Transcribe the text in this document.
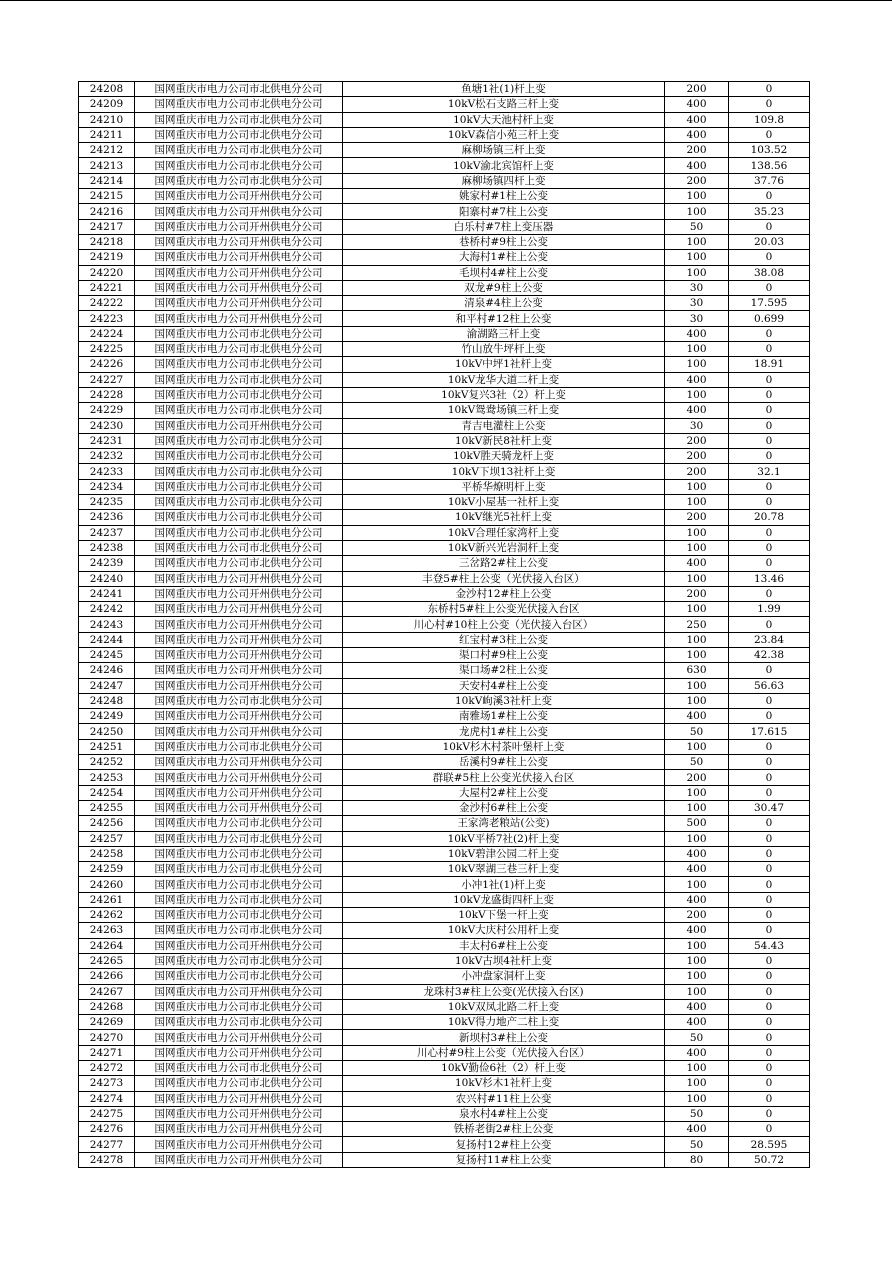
24208	国网重庆市电力公司市北供电分公司	鱼塘1社(1)杆上变	200	0
24209	国网重庆市电力公司市北供电分公司	10kV松石支路三杆上变	400	0
24210	国网重庆市电力公司市北供电分公司	10kV大天池村杆上变	400	109.8
24211	国网重庆市电力公司市北供电分公司	10kV森信小苑三杆上变	400	0
24212	国网重庆市电力公司市北供电分公司	麻柳场镇三杆上变	200	103.52
24213	国网重庆市电力公司市北供电分公司	10kV渝北宾馆杆上变	400	138.56
24214	国网重庆市电力公司市北供电分公司	麻柳场镇四杆上变	200	37.76
24215	国网重庆市电力公司开州供电分公司	姚家村#1柱上公变	100	0
24216	国网重庆市电力公司开州供电分公司	阳寨村#7柱上公变	100	35.23
24217	国网重庆市电力公司开州供电分公司	白乐村#7柱上变压器	50	0
24218	国网重庆市电力公司开州供电分公司	巷桥村#9柱上公变	100	20.03
24219	国网重庆市电力公司开州供电分公司	大海村1#柱上公变	100	0
24220	国网重庆市电力公司开州供电分公司	毛坝村4#柱上公变	100	38.08
24221	国网重庆市电力公司开州供电分公司	双龙#9柱上公变	30	0
24222	国网重庆市电力公司开州供电分公司	清泉#4柱上公变	30	17.595
24223	国网重庆市电力公司开州供电分公司	和平村#12柱上公变	30	0.699
24224	国网重庆市电力公司市北供电分公司	渝湖路三杆上变	400	0
24225	国网重庆市电力公司市北供电分公司	竹山放牛坪杆上变	100	0
24226	国网重庆市电力公司市北供电分公司	10kV中坪1社杆上变	100	18.91
24227	国网重庆市电力公司市北供电分公司	10kV龙华大道二杆上变	400	0
24228	国网重庆市电力公司市北供电分公司	10kV复兴3社（2）杆上变	100	0
24229	国网重庆市电力公司市北供电分公司	10kV鸳鸯场镇三杆上变	400	0
24230	国网重庆市电力公司开州供电分公司	青吉电灌柱上公变	30	0
24231	国网重庆市电力公司市北供电分公司	10kV新民8社杆上变	200	0
24232	国网重庆市电力公司市北供电分公司	10kV胜天骑龙杆上变	200	0
24233	国网重庆市电力公司市北供电分公司	10kV下坝13社杆上变	200	32.1
24234	国网重庆市电力公司市北供电分公司	平桥华燎明杆上变	100	0
24235	国网重庆市电力公司市北供电分公司	10kV小屋基一社杆上变	100	0
24236	国网重庆市电力公司市北供电分公司	10kV继光5社杆上变	200	20.78
24237	国网重庆市电力公司市北供电分公司	10kV合理任家湾杆上变	100	0
24238	国网重庆市电力公司市北供电分公司	10kV新兴光岩洞杆上变	100	0
24239	国网重庆市电力公司市北供电分公司	三岔路2#柱上公变	400	0
24240	国网重庆市电力公司开州供电分公司	丰登5#柱上公变（光伏接入台区）	100	13.46
24241	国网重庆市电力公司开州供电分公司	金沙村12#柱上公变	200	0
24242	国网重庆市电力公司开州供电分公司	东桥村5#柱上公变光伏接入台区	100	1.99
24243	国网重庆市电力公司开州供电分公司	川心村#10柱上公变（光伏接入台区）	250	0
24244	国网重庆市电力公司开州供电分公司	红宝村#3柱上公变	100	23.84
24245	国网重庆市电力公司开州供电分公司	渠口村#9柱上公变	100	42.38
24246	国网重庆市电力公司开州供电分公司	渠口场#2柱上公变	630	0
24247	国网重庆市电力公司开州供电分公司	天安村4#柱上公变	100	56.63
24248	国网重庆市电力公司市北供电分公司	10kV岣溪3社杆上变	100	0
24249	国网重庆市电力公司开州供电分公司	南雅场1#柱上公变	400	0
24250	国网重庆市电力公司开州供电分公司	龙虎村1#柱上公变	50	17.615
24251	国网重庆市电力公司市北供电分公司	10kV杉木村茶叶堡杆上变	100	0
24252	国网重庆市电力公司开州供电分公司	岳溪村9#柱上公变	50	0
24253	国网重庆市电力公司开州供电分公司	群联#5柱上公变光伏接入台区	200	0
24254	国网重庆市电力公司开州供电分公司	大屋村2#柱上公变	100	0
24255	国网重庆市电力公司开州供电分公司	金沙村6#柱上公变	100	30.47
24256	国网重庆市电力公司市北供电分公司	王家湾老粮站(公变)	500	0
24257	国网重庆市电力公司市北供电分公司	10kV平桥7社(2)杆上变	100	0
24258	国网重庆市电力公司市北供电分公司	10kV碧津公园二杆上变	400	0
24259	国网重庆市电力公司市北供电分公司	10kV翠湖三巷三杆上变	400	0
24260	国网重庆市电力公司市北供电分公司	小冲1社(1)杆上变	100	0
24261	国网重庆市电力公司市北供电分公司	10kV龙盛街四杆上变	400	0
24262	国网重庆市电力公司市北供电分公司	10kV下堡一杆上变	200	0
24263	国网重庆市电力公司市北供电分公司	10kV大庆村公用杆上变	400	0
24264	国网重庆市电力公司开州供电分公司	丰太村6#柱上公变	100	54.43
24265	国网重庆市电力公司市北供电分公司	10kV古坝4社杆上变	100	0
24266	国网重庆市电力公司市北供电分公司	小冲盘家洞杆上变	100	0
24267	国网重庆市电力公司开州供电分公司	龙珠村3#柱上公变(光伏接入台区)	100	0
24268	国网重庆市电力公司市北供电分公司	10kV双凤北路二杆上变	400	0
24269	国网重庆市电力公司市北供电分公司	10kV得力地产二柱上变	400	0
24270	国网重庆市电力公司开州供电分公司	新坝村3#柱上公变	50	0
24271	国网重庆市电力公司开州供电分公司	川心村#9柱上公变（光伏接入台区）	400	0
24272	国网重庆市电力公司市北供电分公司	10kV勤俭6社（2）杆上变	100	0
24273	国网重庆市电力公司市北供电分公司	10kV杉木1社杆上变	100	0
24274	国网重庆市电力公司开州供电分公司	农兴村#11柱上公变	100	0
24275	国网重庆市电力公司开州供电分公司	泉水村4#柱上公变	50	0
24276	国网重庆市电力公司开州供电分公司	铁桥老街2#柱上公变	400	0
24277	国网重庆市电力公司开州供电分公司	复扬村12#柱上公变	50	28.595
24278	国网重庆市电力公司开州供电分公司	复扬村11#柱上公变	80	50.72
